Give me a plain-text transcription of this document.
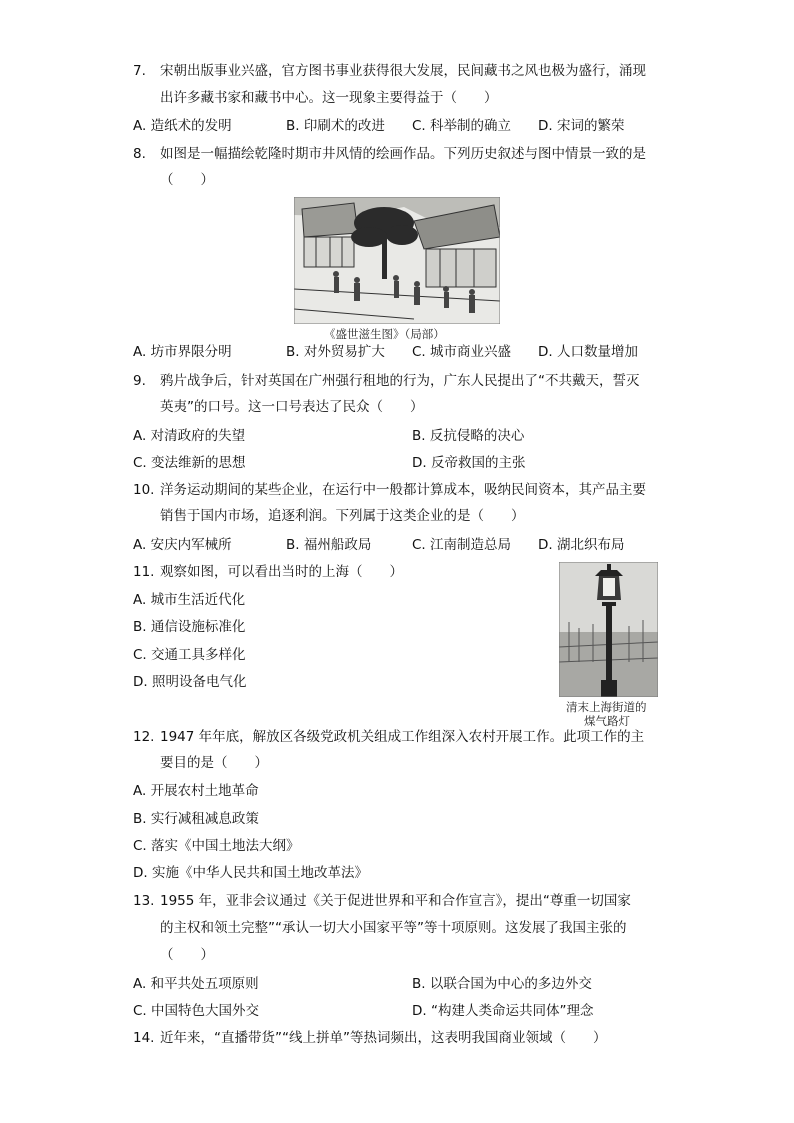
7. 宋朝出版事业兴盛，官方图书事业获得很大发展，民间藏书之风也极为盛行，涌现
出许多藏书家和藏书中心。这一现象主要得益于（　　）
A. 造纸术的发明	B. 印刷术的改进 C. 科举制的确立 D. 宋词的繁荣
8. 如图是一幅描绘乾隆时期市井风情的绘画作品。下列历史叙述与图中情景一致的是
（　　）
《盛世滋生图》（局部）
A. 坊市界限分明	B. 对外贸易扩大 C. 城市商业兴盛 D. 人口数量增加
9. 鸦片战争后，针对英国在广州强行租地的行为，广东人民提出了“不共戴天，誓灭
英夷”的口号。这一口号表达了民众（　　）
A. 对清政府的失望	B. 反抗侵略的决心
C. 变法维新的思想	D. 反帝救国的主张
10. 洋务运动期间的某些企业，在运行中一般都计算成本，吸纳民间资本，其产品主要
销售于国内市场，追逐利润。下列属于这类企业的是（　　）
A. 安庆内军械所	B. 福州船政局	C. 江南制造总局 D. 湖北织布局
11. 观察如图，可以看出当时的上海（　　）
A. 城市生活近代化
B. 通信设施标准化
C. 交通工具多样化
D. 照明设备电气化
清末上海街道的
煤气路灯
12. 1947 年年底，解放区各级党政机关组成工作组深入农村开展工作。此项工作的主
要目的是（　　）
A. 开展农村土地革命
B. 实行减租减息政策
C. 落实《中国土地法大纲》
D. 实施《中华人民共和国土地改革法》
13. 1955 年，亚非会议通过《关于促进世界和平和合作宣言》，提出“尊重一切国家
的主权和领土完整”“承认一切大小国家平等”等十项原则。这发展了我国主张的
（　　）
A. 和平共处五项原则	B. 以联合国为中心的多边外交
C. 中国特色大国外交	D. “构建人类命运共同体”理念
14. 近年来，“直播带货”“线上拼单”等热词频出，这表明我国商业领域（　　）
